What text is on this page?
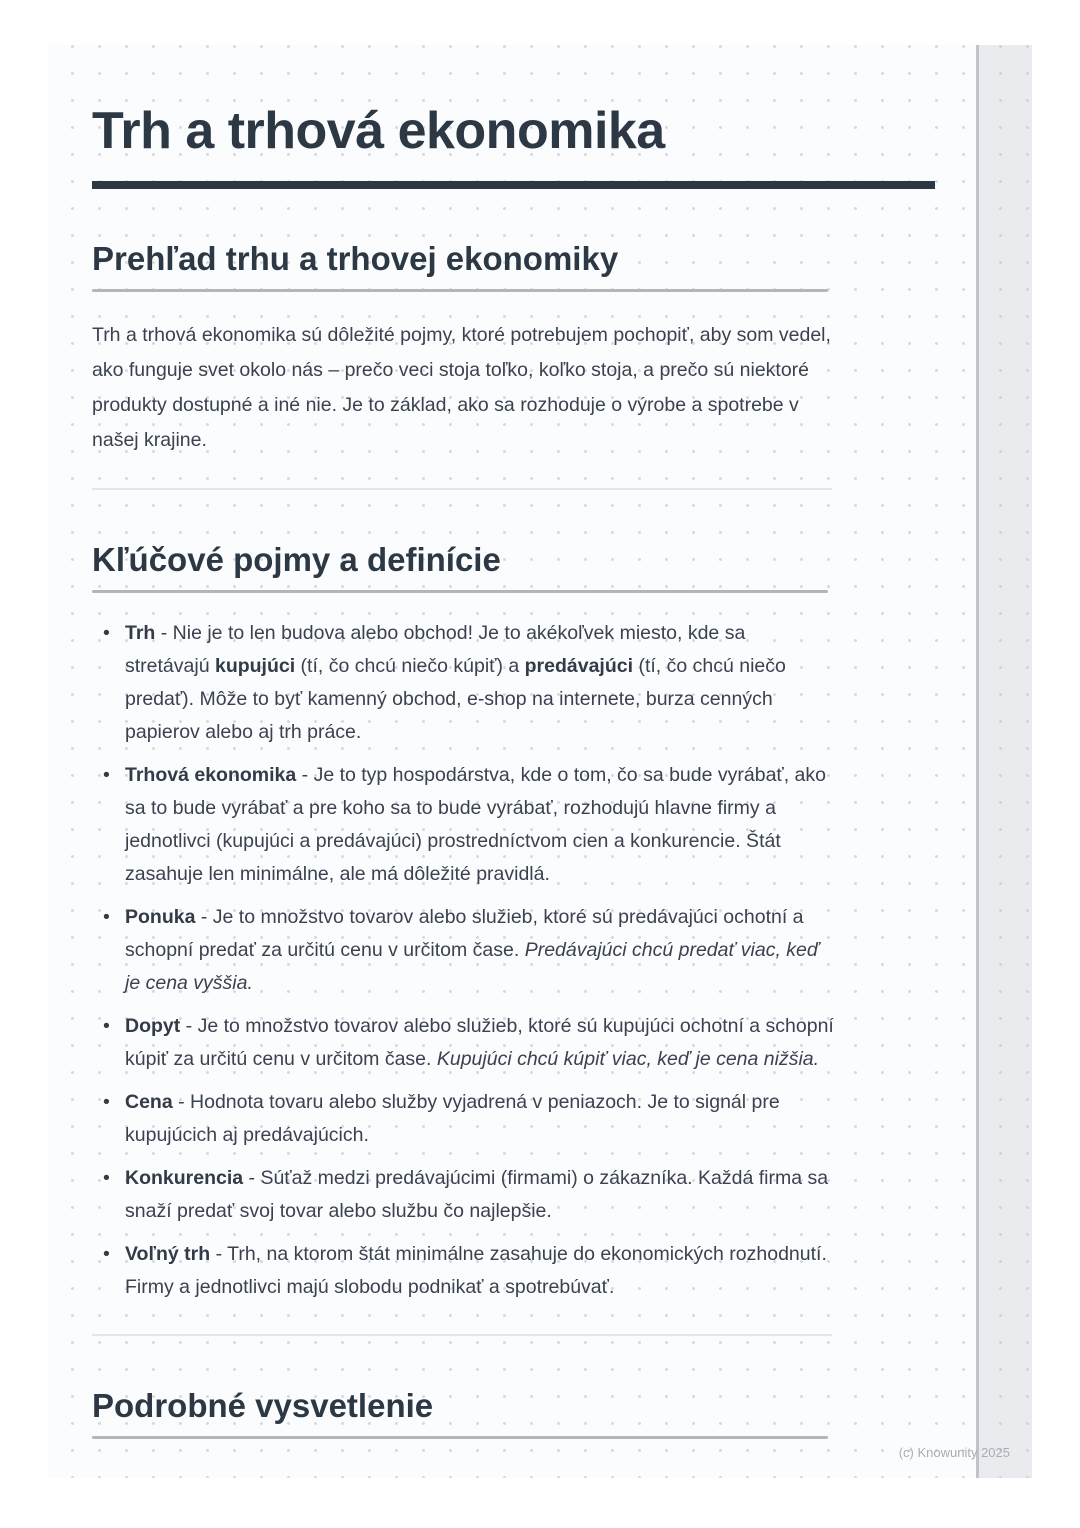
Trh a trhová ekonomika
Prehľad trhu a trhovej ekonomiky

Trh a trhová ekonomika sú dôležité pojmy, ktoré potrebujem pochopiť, aby som vedel, ako funguje svet okolo nás – prečo veci stoja toľko, koľko stoja, a prečo sú niektoré produkty dostupné a iné nie. Je to základ, ako sa rozhoduje o výrobe a spotrebe v našej krajine.

Kľúčové pojmy a definície
• Trh - Nie je to len budova alebo obchod! Je to akékoľvek miesto, kde sa stretávajú kupujúci (tí, čo chcú niečo kúpiť) a predávajúci (tí, čo chcú niečo predať). Môže to byť kamenný obchod, e-shop na internete, burza cenných papierov alebo aj trh práce.
• Trhová ekonomika - Je to typ hospodárstva, kde o tom, čo sa bude vyrábať, ako sa to bude vyrábať a pre koho sa to bude vyrábať, rozhodujú hlavne firmy a jednotlivci (kupujúci a predávajúci) prostredníctvom cien a konkurencie. Štát zasahuje len minimálne, ale má dôležité pravidlá.
• Ponuka - Je to množstvo tovarov alebo služieb, ktoré sú predávajúci ochotní a schopní predať za určitú cenu v určitom čase. Predávajúci chcú predať viac, keď je cena vyššia.
• Dopyt - Je to množstvo tovarov alebo služieb, ktoré sú kupujúci ochotní a schopní kúpiť za určitú cenu v určitom čase. Kupujúci chcú kúpiť viac, keď je cena nižšia.
• Cena - Hodnota tovaru alebo služby vyjadrená v peniazoch. Je to signál pre kupujúcich aj predávajúcich.
• Konkurencia - Súťaž medzi predávajúcimi (firmami) o zákazníka. Každá firma sa snaží predať svoj tovar alebo službu čo najlepšie.
• Voľný trh - Trh, na ktorom štát minimálne zasahuje do ekonomických rozhodnutí. Firmy a jednotlivci majú slobodu podnikať a spotrebúvať.
Podrobné vysvetlenie
(c) Knowunity 2025
